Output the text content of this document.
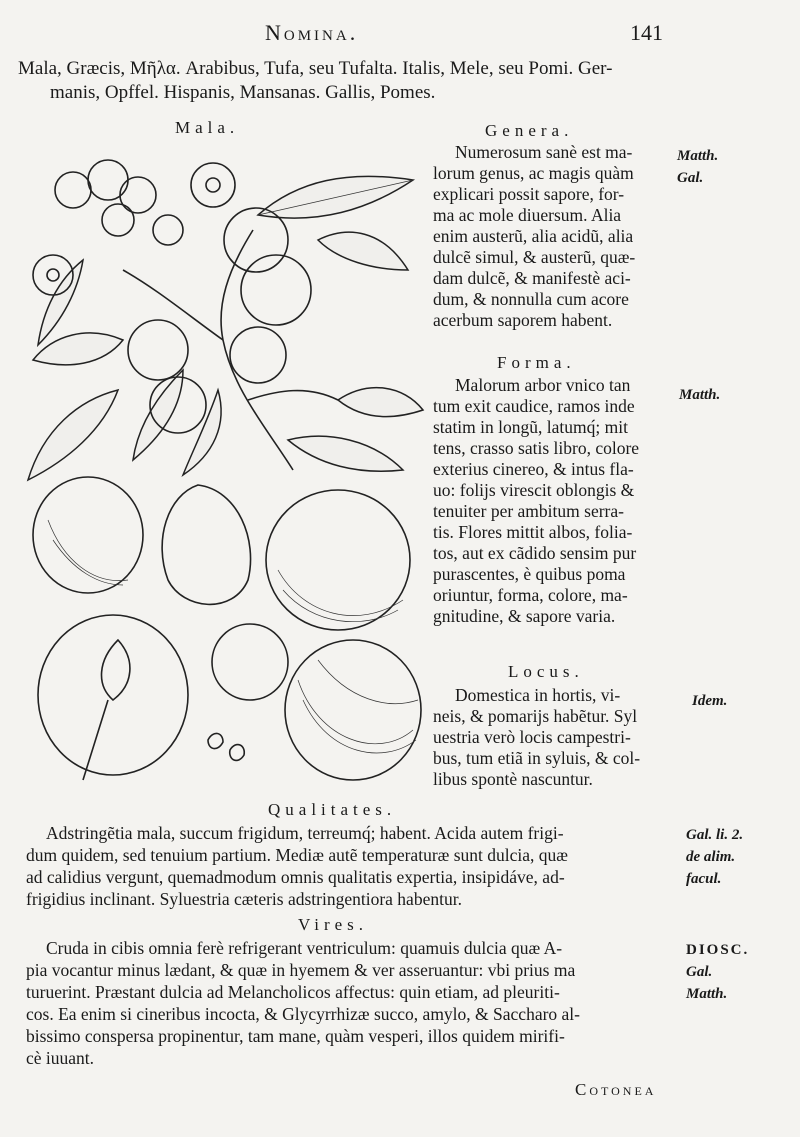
Nomina.	141
Mala, Græcis, Μῆλα. Arabibus, Tufa, seu Tufalta. Italis, Mele, seu Pomi. Ger-
manis, Opffel. Hispanis, Mansanas. Gallis, Pomes.
Mala.	Genera.
Numerosum sanè est ma-
lorum genus, ac magis quàm
explicari possit sapore, for-
ma ac mole diuersum. Alia
enim austerũ, alia acidũ, alia
dulcẽ simul, & austerũ, quæ-
dam dulcẽ, & manifestè aci-
dum, & nonnulla cum acore
acerbum saporem habent.
Matth.
Gal.
Forma.
Malorum arbor vnico tan
tum exit caudice, ramos inde
statim in longũ, latumq́; mit
tens, crasso satis libro, colore
exterius cinereo, & intus fla-
uo: folijs virescit oblongis &
tenuiter per ambitum serra-
tis. Flores mittit albos, folia-
tos, aut ex cãdido sensim pur
purascentes, è quibus poma
oriuntur, forma, colore, ma-
gnitudine, & sapore varia.
Matth.
Locus.
Domestica in hortis, vi-
neis, & pomarijs habẽtur. Syl
uestria verò locis campestri-
bus, tum etiã in syluis, & col-
libus spontè nascuntur.
Idem.
Qualitates.
Adstringẽtia mala, succum frigidum, terreumq́; habent. Acida autem frigi-
dum quidem, sed tenuium partium. Mediæ autẽ temperaturæ sunt dulcia, quæ
ad calidius vergunt, quemadmodum omnis qualitatis expertia, insipidáve, ad-
frigidius inclinant. Syluestria cæteris adstringentiora habentur.
Gal. li. 2.
de alim.
facul.
Vires.
Cruda in cibis omnia ferè refrigerant ventriculum: quamuis dulcia quæ A-
pia vocantur minus lædant, & quæ in hyemem & ver asseruantur: vbi prius ma
turuerint. Præstant dulcia ad Melancholicos affectus: quin etiam, ad pleuriti-
cos. Ea enim si cineribus incocta, & Glycyrrhizæ succo, amylo, & Saccharo al-
bissimo conspersa propinentur, tam mane, quàm vesperi, illos quidem mirifi-
cè iuuant.
DIOSC.
Gal.
Matth.
Cotonea
